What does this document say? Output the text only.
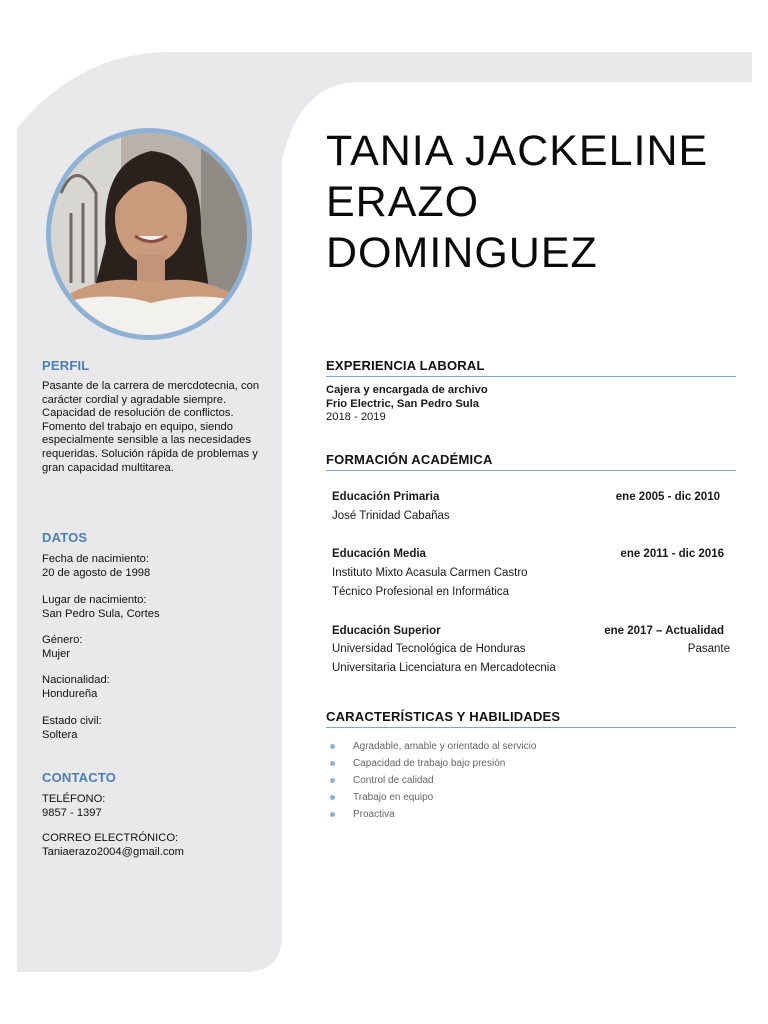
PERFIL
Pasante de la carrera de mercdotecnia, con carácter cordial y agradable siempre. Capacidad de resolución de conflictos. Fomento del trabajo en equipo, siendo especialmente sensible a las necesidades requeridas. Solución rápida de problemas y gran capacidad multitarea.
DATOS

Fecha de nacimiento:

20 de agosto de 1998

Lugar de nacimiento:

San Pedro Sula, Cortes

Género:

Mujer

Nacionalidad:

Hondureña

Estado civil:

Soltera

CONTACTO

TELÉFONO:

9857 - 1397

CORREO ELECTRÓNICO:

Taniaerazo2004@gmail.com

TANIA JACKELINE
ERAZO
DOMINGUEZ
EXPERIENCIA LABORAL
Cajera y encargada de archivo
Frio Electric, San Pedro Sula
2018 - 2019
FORMACIÓN ACADÉMICA
Educación Primaria	ene 2005 - dic 2010
José Trinidad Cabañas
Educación Media	ene 2011 - dic 2016
Instituto Mixto Acasula Carmen Castro
Técnico Profesional en Informática
Educación Superior	ene 2017 – Actualidad
Universidad Tecnológica de Honduras	Pasante
Universitaria Licenciatura en Mercadotecnia
CARACTERÍSTICAS Y HABILIDADES
Agradable, amable y orientado al servicio
Capacidad de trabajo bajo presión
Control de calidad
Trabajo en equipo
Proactiva
